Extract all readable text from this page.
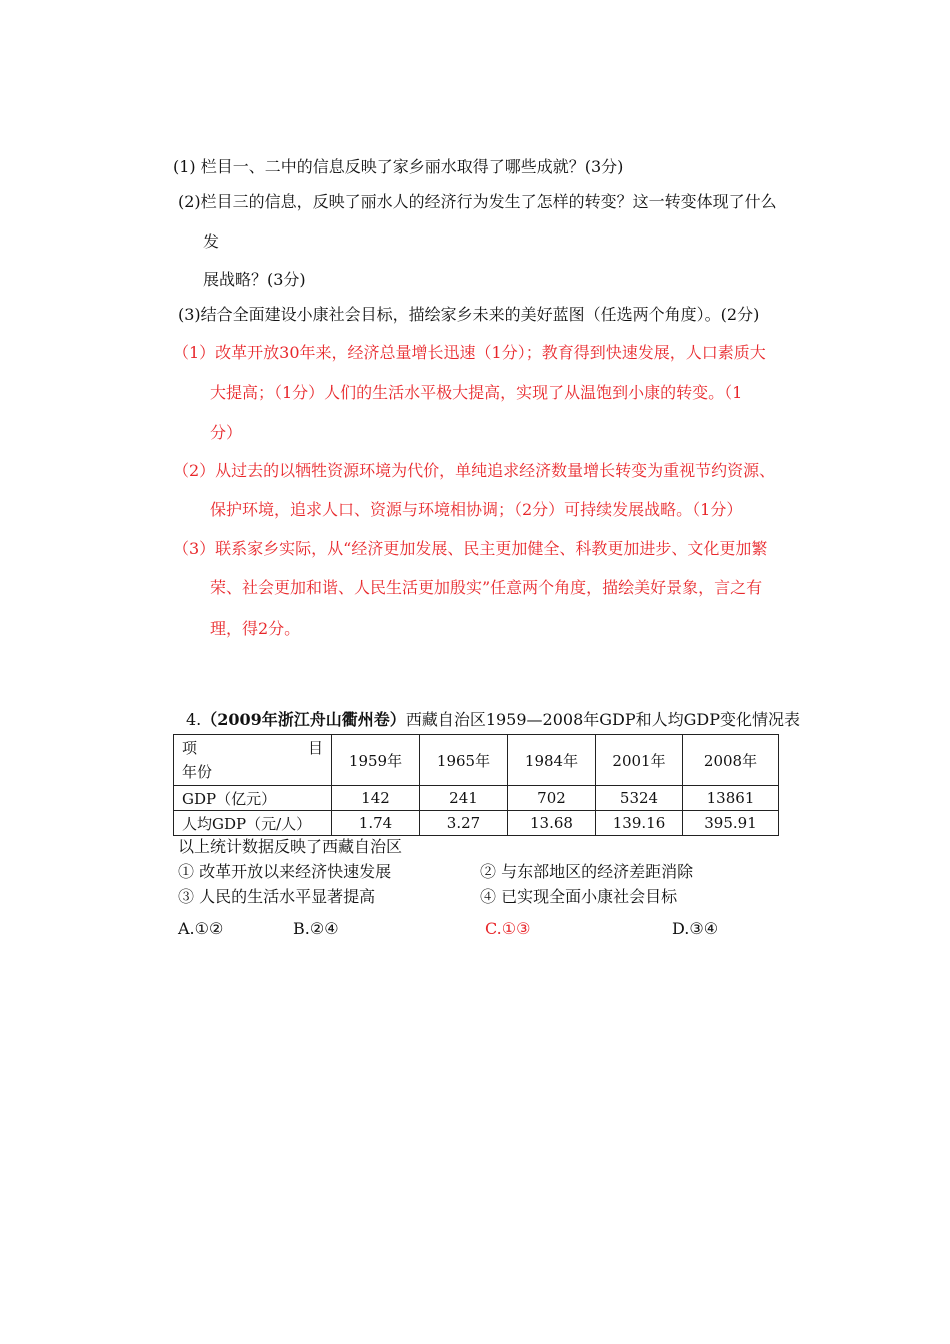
(1) 栏目一、二中的信息反映了家乡丽水取得了哪些成就？(3分)
(2)栏目三的信息，反映了丽水人的经济行为发生了怎样的转变？这一转变体现了什么
发
展战略？(3分)
(3)结合全面建设小康社会目标，描绘家乡未来的美好蓝图（任选两个角度）。(2分)
（1）改革开放30年来，经济总量增长迅速（1分）；教育得到快速发展，人口素质大
大提高；（1分）人们的生活水平极大提高，实现了从温饱到小康的转变。（1
分）
（2）从过去的以牺牲资源环境为代价，单纯追求经济数量增长转变为重视节约资源、
保护环境，追求人口、资源与环境相协调；（2分）可持续发展战略。（1分）
（3）联系家乡实际，从“经济更加发展、民主更加健全、科教更加进步、文化更加繁
荣、社会更加和谐、人民生活更加殷实”任意两个角度，描绘美好景象，言之有
理，得2分。
4.（2009年浙江舟山衢州卷）西藏自治区1959—2008年GDP和人均GDP变化情况表
项 目
年份	1959年	1965年	1984年	2001年	2008年
GDP（亿元）	142	241	702	5324	13861
人均GDP（元/人）	1.74	3.27	13.68	139.16	395.91
以上统计数据反映了西藏自治区
① 改革开放以来经济快速发展	② 与东部地区的经济差距消除
③ 人民的生活水平显著提高	④ 已实现全面小康社会目标
A.①②	B.②④	C.①③	D.③④
